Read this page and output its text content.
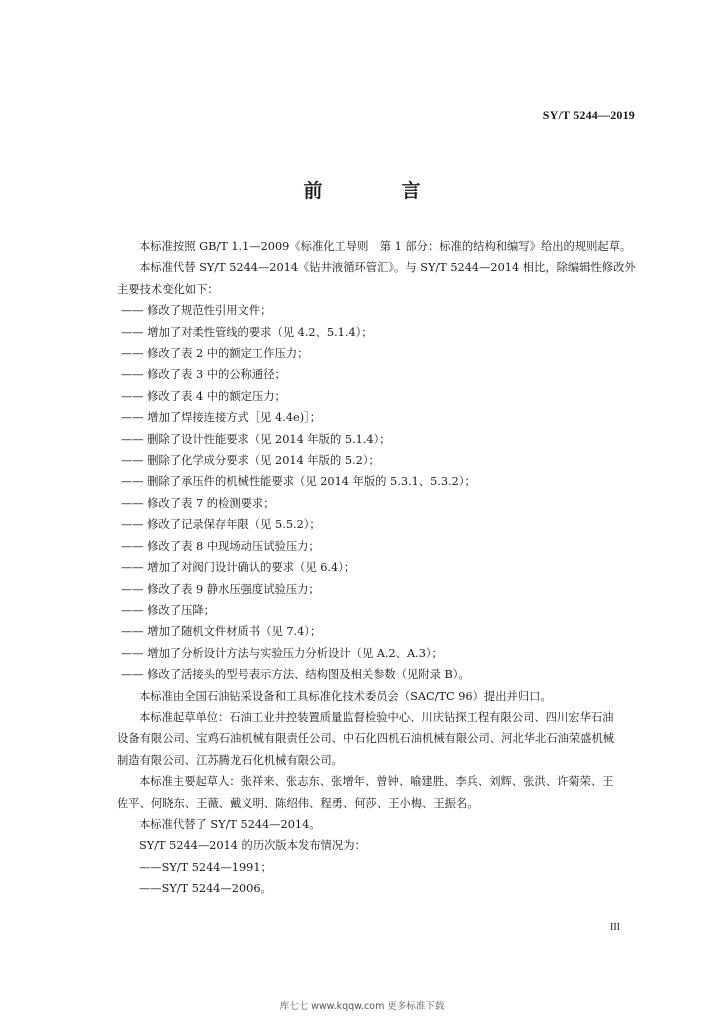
SY/T 5244—2019
前　言

本标准按照 GB/T 1.1—2009《标准化工导则　第 1 部分：标准的结构和编写》给出的规则起草。

本标准代替 SY/T 5244—2014《钻井液循环管汇》。与 SY/T 5244—2014 相比，除编辑性修改外

主要技术变化如下：

—— 修改了规范性引用文件；

—— 增加了对柔性管线的要求（见 4.2、5.1.4）；

—— 修改了表 2 中的额定工作压力；

—— 修改了表 3 中的公称通径；

—— 修改了表 4 中的额定压力；

—— 增加了焊接连接方式［见 4.4e)］；

—— 删除了设计性能要求（见 2014 年版的 5.1.4）；

—— 删除了化学成分要求（见 2014 年版的 5.2）；

—— 删除了承压件的机械性能要求（见 2014 年版的 5.3.1、5.3.2）；

—— 修改了表 7 的检测要求；

—— 修改了记录保存年限（见 5.5.2）；

—— 修改了表 8 中现场动压试验压力；

—— 增加了对阀门设计确认的要求（见 6.4）；

—— 修改了表 9 静水压强度试验压力；

—— 修改了压降；

—— 增加了随机文件材质书（见 7.4）；

—— 增加了分析设计方法与实验压力分析设计（见 A.2、A.3）；

—— 修改了活接头的型号表示方法、结构图及相关参数（见附录 B）。

本标准由全国石油钻采设备和工具标准化技术委员会（SAC/TC 96）提出并归口。

本标准起草单位：石油工业井控装置质量监督检验中心、川庆钻探工程有限公司、四川宏华石油

设备有限公司、宝鸡石油机械有限责任公司、中石化四机石油机械有限公司、河北华北石油荣盛机械

制造有限公司、江苏腾龙石化机械有限公司。

本标准主要起草人：张祥来、张志东、张增年、曾钟、喻建胜、李兵、刘辉、张洪、许菊荣、王

佐平、何晓东、王薇、戴义明、陈绍伟、程勇、何莎、王小梅、王振名。

本标准代替了 SY/T 5244—2014。

SY/T 5244—2014 的历次版本发布情况为：

——SY/T 5244—1991；

——SY/T 5244—2006。

III
库七七 www.kqqw.com 更多标准下载
